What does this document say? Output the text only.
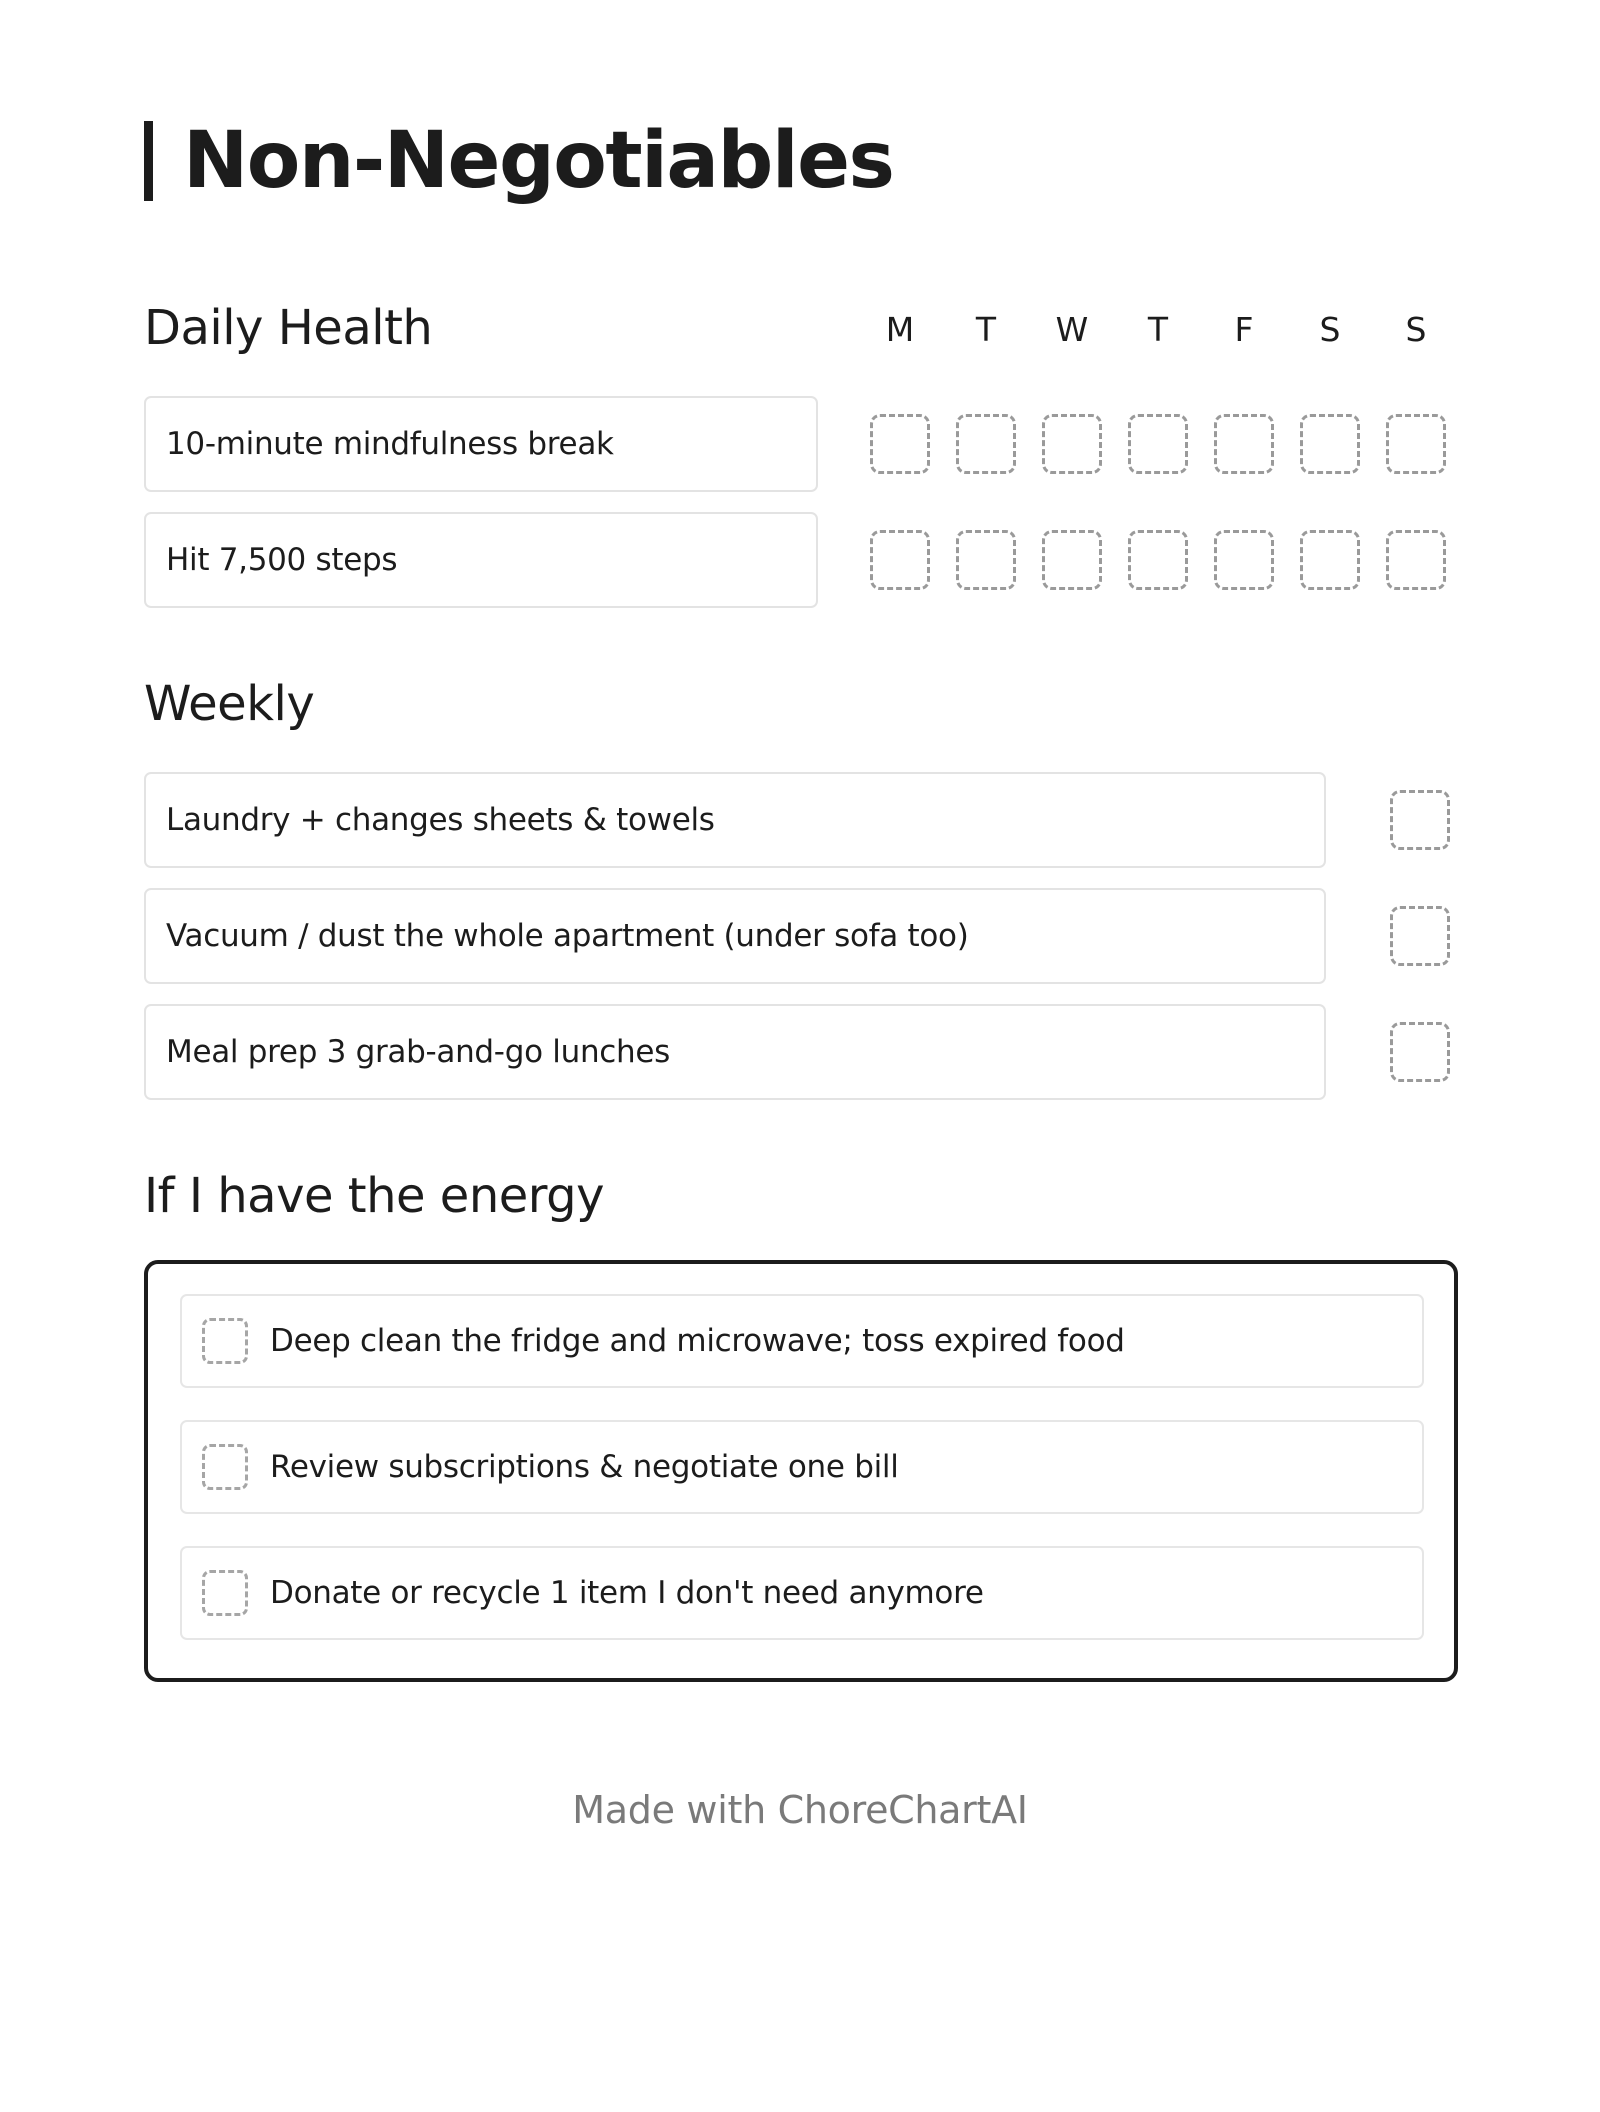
Non-Negotiables
Daily Health	M	T	W	T	F	S	S
10-minute mindfulness break
Hit 7,500 steps
Weekly
Laundry + changes sheets & towels
Vacuum / dust the whole apartment (under sofa too)
Meal prep 3 grab-and-go lunches
If I have the energy
Deep clean the fridge and microwave; toss expired food
Review subscriptions & negotiate one bill
Donate or recycle 1 item I don't need anymore
Made with ChoreChartAI
